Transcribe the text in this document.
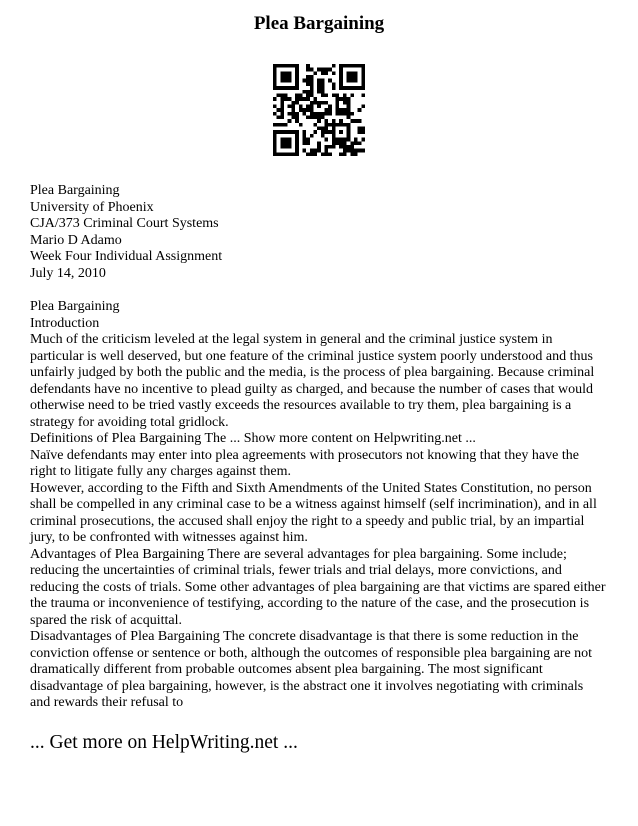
Plea Bargaining
Plea Bargaining
University of Phoenix
CJA/373 Criminal Court Systems
Mario D Adamo
Week Four Individual Assignment
July 14, 2010
Plea Bargaining
Introduction
Much of the criticism leveled at the legal system in general and the criminal justice system in
particular is well deserved, but one feature of the criminal justice system poorly understood and thus
unfairly judged by both the public and the media, is the process of plea bargaining. Because criminal
defendants have no incentive to plead guilty as charged, and because the number of cases that would
otherwise need to be tried vastly exceeds the resources available to try them, plea bargaining is a
strategy for avoiding total gridlock.
Definitions of Plea Bargaining The ... Show more content on Helpwriting.net ...
Naïve defendants may enter into plea agreements with prosecutors not knowing that they have the
right to litigate fully any charges against them.
However, according to the Fifth and Sixth Amendments of the United States Constitution, no person
shall be compelled in any criminal case to be a witness against himself (self incrimination), and in all
criminal prosecutions, the accused shall enjoy the right to a speedy and public trial, by an impartial
jury, to be confronted with witnesses against him.
Advantages of Plea Bargaining There are several advantages for plea bargaining. Some include;
reducing the uncertainties of criminal trials, fewer trials and trial delays, more convictions, and
reducing the costs of trials. Some other advantages of plea bargaining are that victims are spared either
the trauma or inconvenience of testifying, according to the nature of the case, and the prosecution is
spared the risk of acquittal.
Disadvantages of Plea Bargaining The concrete disadvantage is that there is some reduction in the
conviction offense or sentence or both, although the outcomes of responsible plea bargaining are not
dramatically different from probable outcomes absent plea bargaining. The most significant
disadvantage of plea bargaining, however, is the abstract one it involves negotiating with criminals
and rewards their refusal to
... Get more on HelpWriting.net ...
